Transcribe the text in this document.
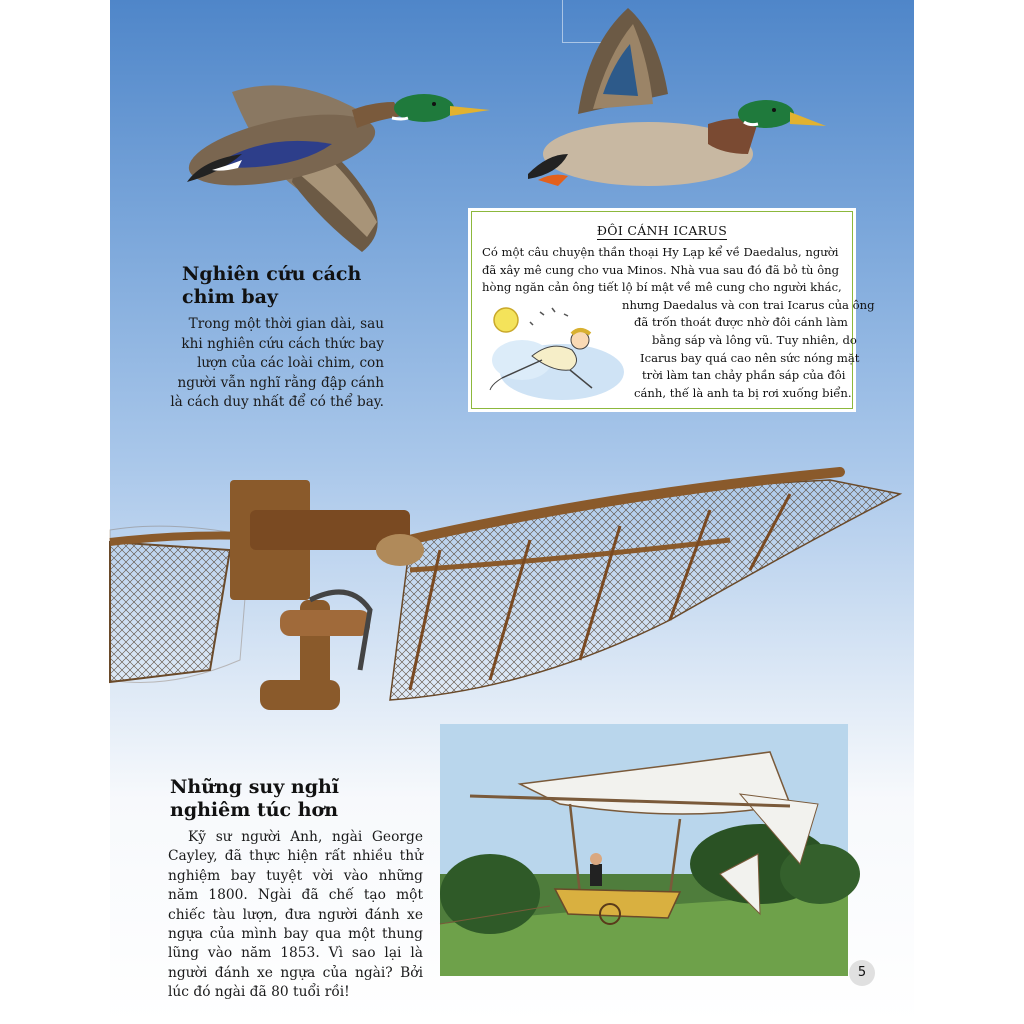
Nghiên cứu cách chim bay

Trong một thời gian dài, sau khi nghiên cứu cách thức bay lượn của các loài chim, con người vẫn nghĩ rằng đập cánh là cách duy nhất để có thể bay.

ĐÔI CÁNH ICARUS
Có một câu chuyện thần thoại Hy Lạp kể về Daedalus, người
đã xây mê cung cho vua Minos. Nhà vua sau đó đã bỏ tù ông
hòng ngăn cản ông tiết lộ bí mật về mê cung cho người khác,
nhưng Daedalus và con trai Icarus của ông
đã trốn thoát được nhờ đôi cánh làm
bằng sáp và lông vũ. Tuy nhiên, do
Icarus bay quá cao nên sức nóng mặt
trời làm tan chảy phần sáp của đôi
cánh, thế là anh ta bị rơi xuống biển.
Những suy nghĩ nghiêm túc hơn

Kỹ sư người Anh, ngài George Cayley, đã thực hiện rất nhiều thử nghiệm bay tuyệt vời vào những năm 1800. Ngài đã chế tạo một chiếc tàu lượn, đưa người đánh xe ngựa của mình bay qua một thung lũng vào năm 1853. Vì sao lại là người đánh xe ngựa của ngài? Bởi lúc đó ngài đã 80 tuổi rồi!

5
